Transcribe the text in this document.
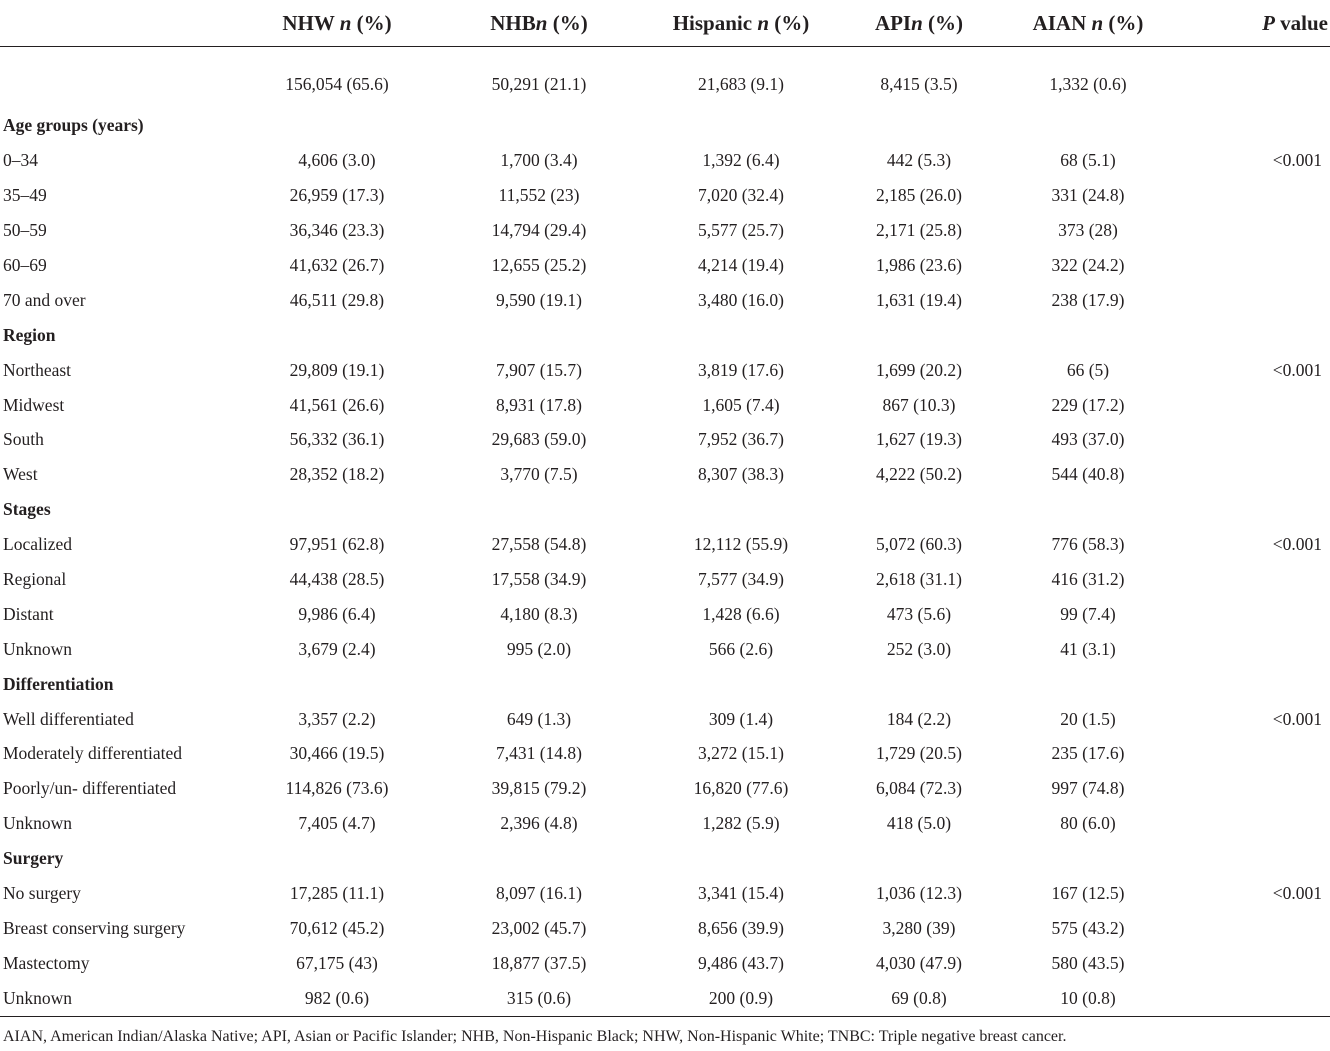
	NHW n (%)	NHBn (%)	Hispanic n (%)	APIn (%)	AIAN n (%)	P value
	156,054 (65.6)	50,291 (21.1)	21,683 (9.1)	8,415 (3.5)	1,332 (0.6)	
Age groups (years)						
0–34	4,606 (3.0)	1,700 (3.4)	1,392 (6.4)	442 (5.3)	68 (5.1)	<0.001
35–49	26,959 (17.3)	11,552 (23)	7,020 (32.4)	2,185 (26.0)	331 (24.8)	
50–59	36,346 (23.3)	14,794 (29.4)	5,577 (25.7)	2,171 (25.8)	373 (28)	
60–69	41,632 (26.7)	12,655 (25.2)	4,214 (19.4)	1,986 (23.6)	322 (24.2)	
70 and over	46,511 (29.8)	9,590 (19.1)	3,480 (16.0)	1,631 (19.4)	238 (17.9)	
Region						
Northeast	29,809 (19.1)	7,907 (15.7)	3,819 (17.6)	1,699 (20.2)	66 (5)	<0.001
Midwest	41,561 (26.6)	8,931 (17.8)	1,605 (7.4)	867 (10.3)	229 (17.2)	
South	56,332 (36.1)	29,683 (59.0)	7,952 (36.7)	1,627 (19.3)	493 (37.0)	
West	28,352 (18.2)	3,770 (7.5)	8,307 (38.3)	4,222 (50.2)	544 (40.8)	
Stages						
Localized	97,951 (62.8)	27,558 (54.8)	12,112 (55.9)	5,072 (60.3)	776 (58.3)	<0.001
Regional	44,438 (28.5)	17,558 (34.9)	7,577 (34.9)	2,618 (31.1)	416 (31.2)	
Distant	9,986 (6.4)	4,180 (8.3)	1,428 (6.6)	473 (5.6)	99 (7.4)	
Unknown	3,679 (2.4)	995 (2.0)	566 (2.6)	252 (3.0)	41 (3.1)	
Differentiation						
Well differentiated	3,357 (2.2)	649 (1.3)	309 (1.4)	184 (2.2)	20 (1.5)	<0.001
Moderately differentiated	30,466 (19.5)	7,431 (14.8)	3,272 (15.1)	1,729 (20.5)	235 (17.6)	
Poorly/un- differentiated	114,826 (73.6)	39,815 (79.2)	16,820 (77.6)	6,084 (72.3)	997 (74.8)	
Unknown	7,405 (4.7)	2,396 (4.8)	1,282 (5.9)	418 (5.0)	80 (6.0)	
Surgery						
No surgery	17,285 (11.1)	8,097 (16.1)	3,341 (15.4)	1,036 (12.3)	167 (12.5)	<0.001
Breast conserving surgery	70,612 (45.2)	23,002 (45.7)	8,656 (39.9)	3,280 (39)	575 (43.2)	
Mastectomy	67,175 (43)	18,877 (37.5)	9,486 (43.7)	4,030 (47.9)	580 (43.5)	
Unknown	982 (0.6)	315 (0.6)	200 (0.9)	69 (0.8)	10 (0.8)	
AIAN, American Indian/Alaska Native; API, Asian or Pacific Islander; NHB, Non-Hispanic Black; NHW, Non-Hispanic White; TNBC: Triple negative breast cancer.
